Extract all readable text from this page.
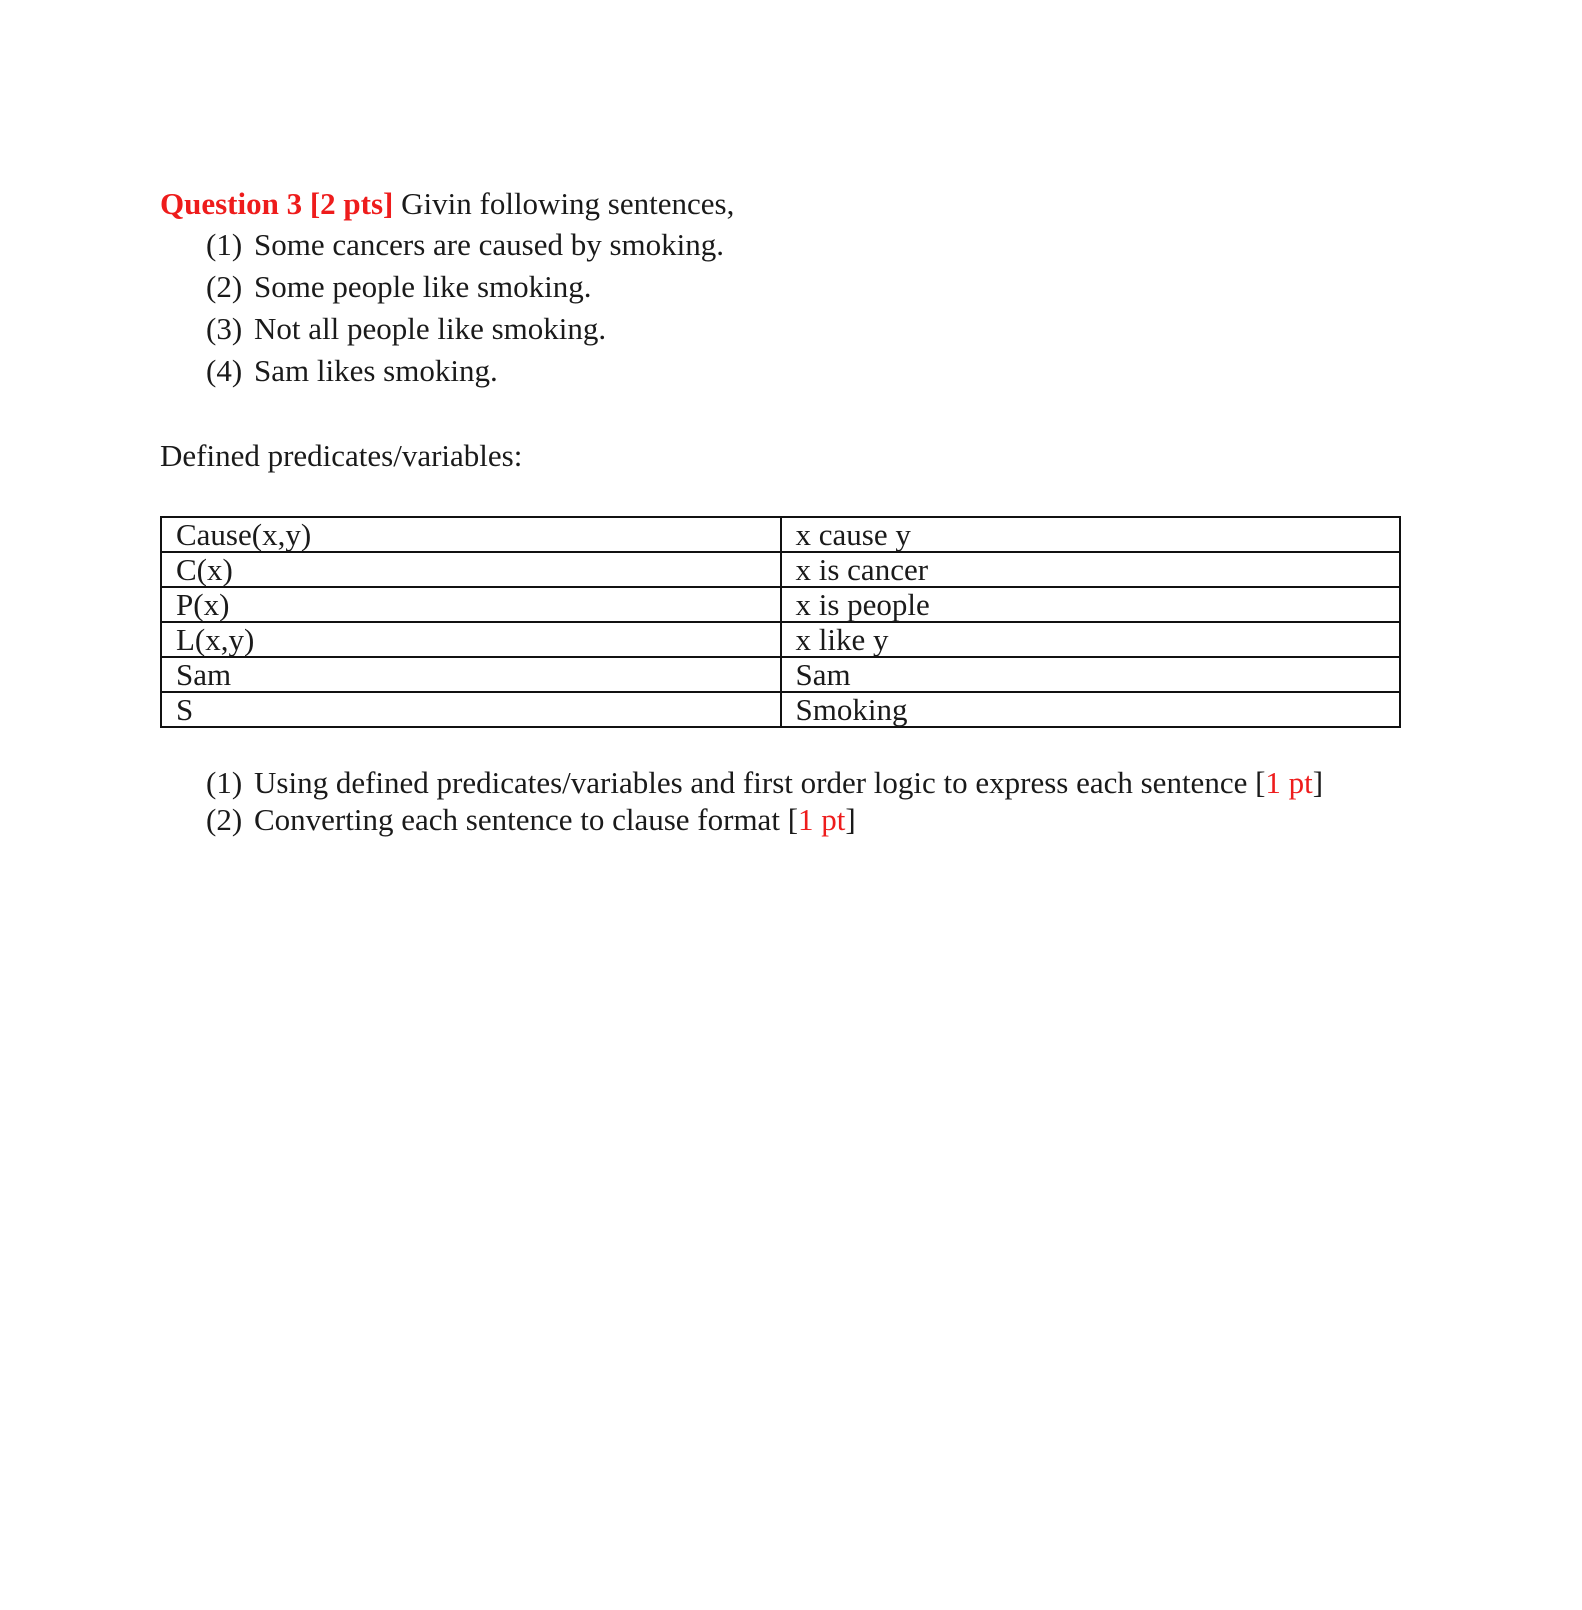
Question 3 [2 pts] Givin following sentences,

(1) Some cancers are caused by smoking.
(2) Some people like smoking.
(3) Not all people like smoking.
(4) Sam likes smoking.

Defined predicates/variables:

Cause(x,y)	x cause y
C(x)	x is cancer
P(x)	x is people
L(x,y)	x like y
Sam	Sam
S	Smoking
(1) Using defined predicates/variables and first order logic to express each sentence [1 pt]
(2) Converting each sentence to clause format [1 pt]
